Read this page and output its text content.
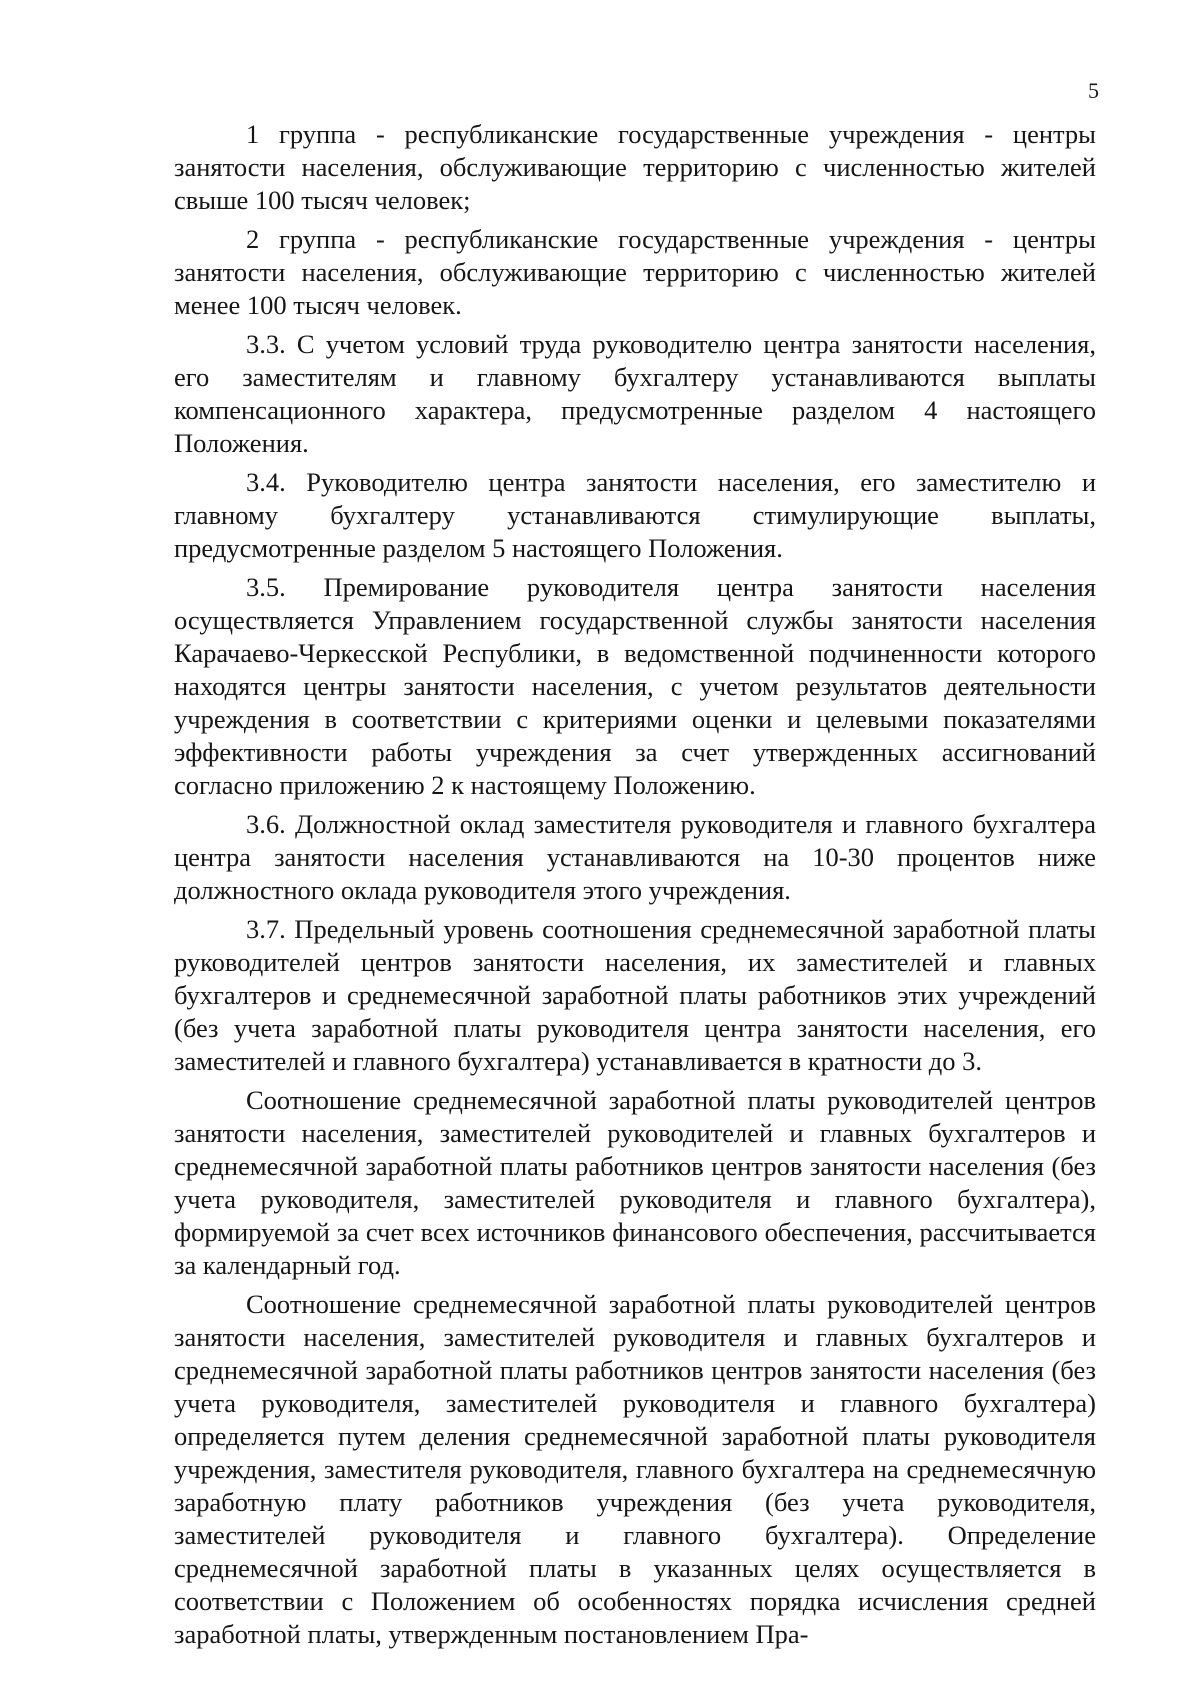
5

1 группа - республиканские государственные учреждения - центры занятости населения, обслуживающие территорию с численностью жителей свыше 100 тысяч человек;

2 группа - республиканские государственные учреждения - центры занятости населения, обслуживающие территорию с численностью жителей менее 100 тысяч человек.

3.3. С учетом условий труда руководителю центра занятости населения, его заместителям и главному бухгалтеру устанавливаются выплаты компенсационного характера, предусмотренные разделом 4 настоящего Положения.

3.4. Руководителю центра занятости населения, его заместителю и главному бухгалтеру устанавливаются стимулирующие выплаты, предусмотренные разделом 5 настоящего Положения.

3.5. Премирование руководителя центра занятости населения осуществляется Управлением государственной службы занятости населения Карачаево-Черкесской Республики, в ведомственной подчиненности которого находятся центры занятости населения, с учетом результатов деятельности учреждения в соответствии с критериями оценки и целевыми показателями эффективности работы учреждения за счет утвержденных ассигнований согласно приложению 2 к настоящему Положению.

3.6. Должностной оклад заместителя руководителя и главного бухгалтера центра занятости населения устанавливаются на 10-30 процентов ниже должностного оклада руководителя этого учреждения.

3.7. Предельный уровень соотношения среднемесячной заработной платы руководителей центров занятости населения, их заместителей и главных бухгалтеров и среднемесячной заработной платы работников этих учреждений (без учета заработной платы руководителя центра занятости населения, его заместителей и главного бухгалтера) устанавливается в кратности до 3.

Соотношение среднемесячной заработной платы руководителей центров занятости населения, заместителей руководителей и главных бухгалтеров и среднемесячной заработной платы работников центров занятости населения (без учета руководителя, заместителей руководителя и главного бухгалтера), формируемой за счет всех источников финансового обеспечения, рассчитывается за календарный год.

Соотношение среднемесячной заработной платы руководителей центров занятости населения, заместителей руководителя и главных бухгалтеров и среднемесячной заработной платы работников центров занятости населения (без учета руководителя, заместителей руководителя и главного бухгалтера) определяется путем деления среднемесячной заработной платы руководителя учреждения, заместителя руководителя, главного бухгалтера на среднемесячную заработную плату работников учреждения (без учета руководителя, заместителей руководителя и главного бухгалтера). Определение среднемесячной заработной платы в указанных целях осуществляется в соответствии с Положением об особенностях порядка исчисления средней заработной платы, утвержденным постановлением Пра-
